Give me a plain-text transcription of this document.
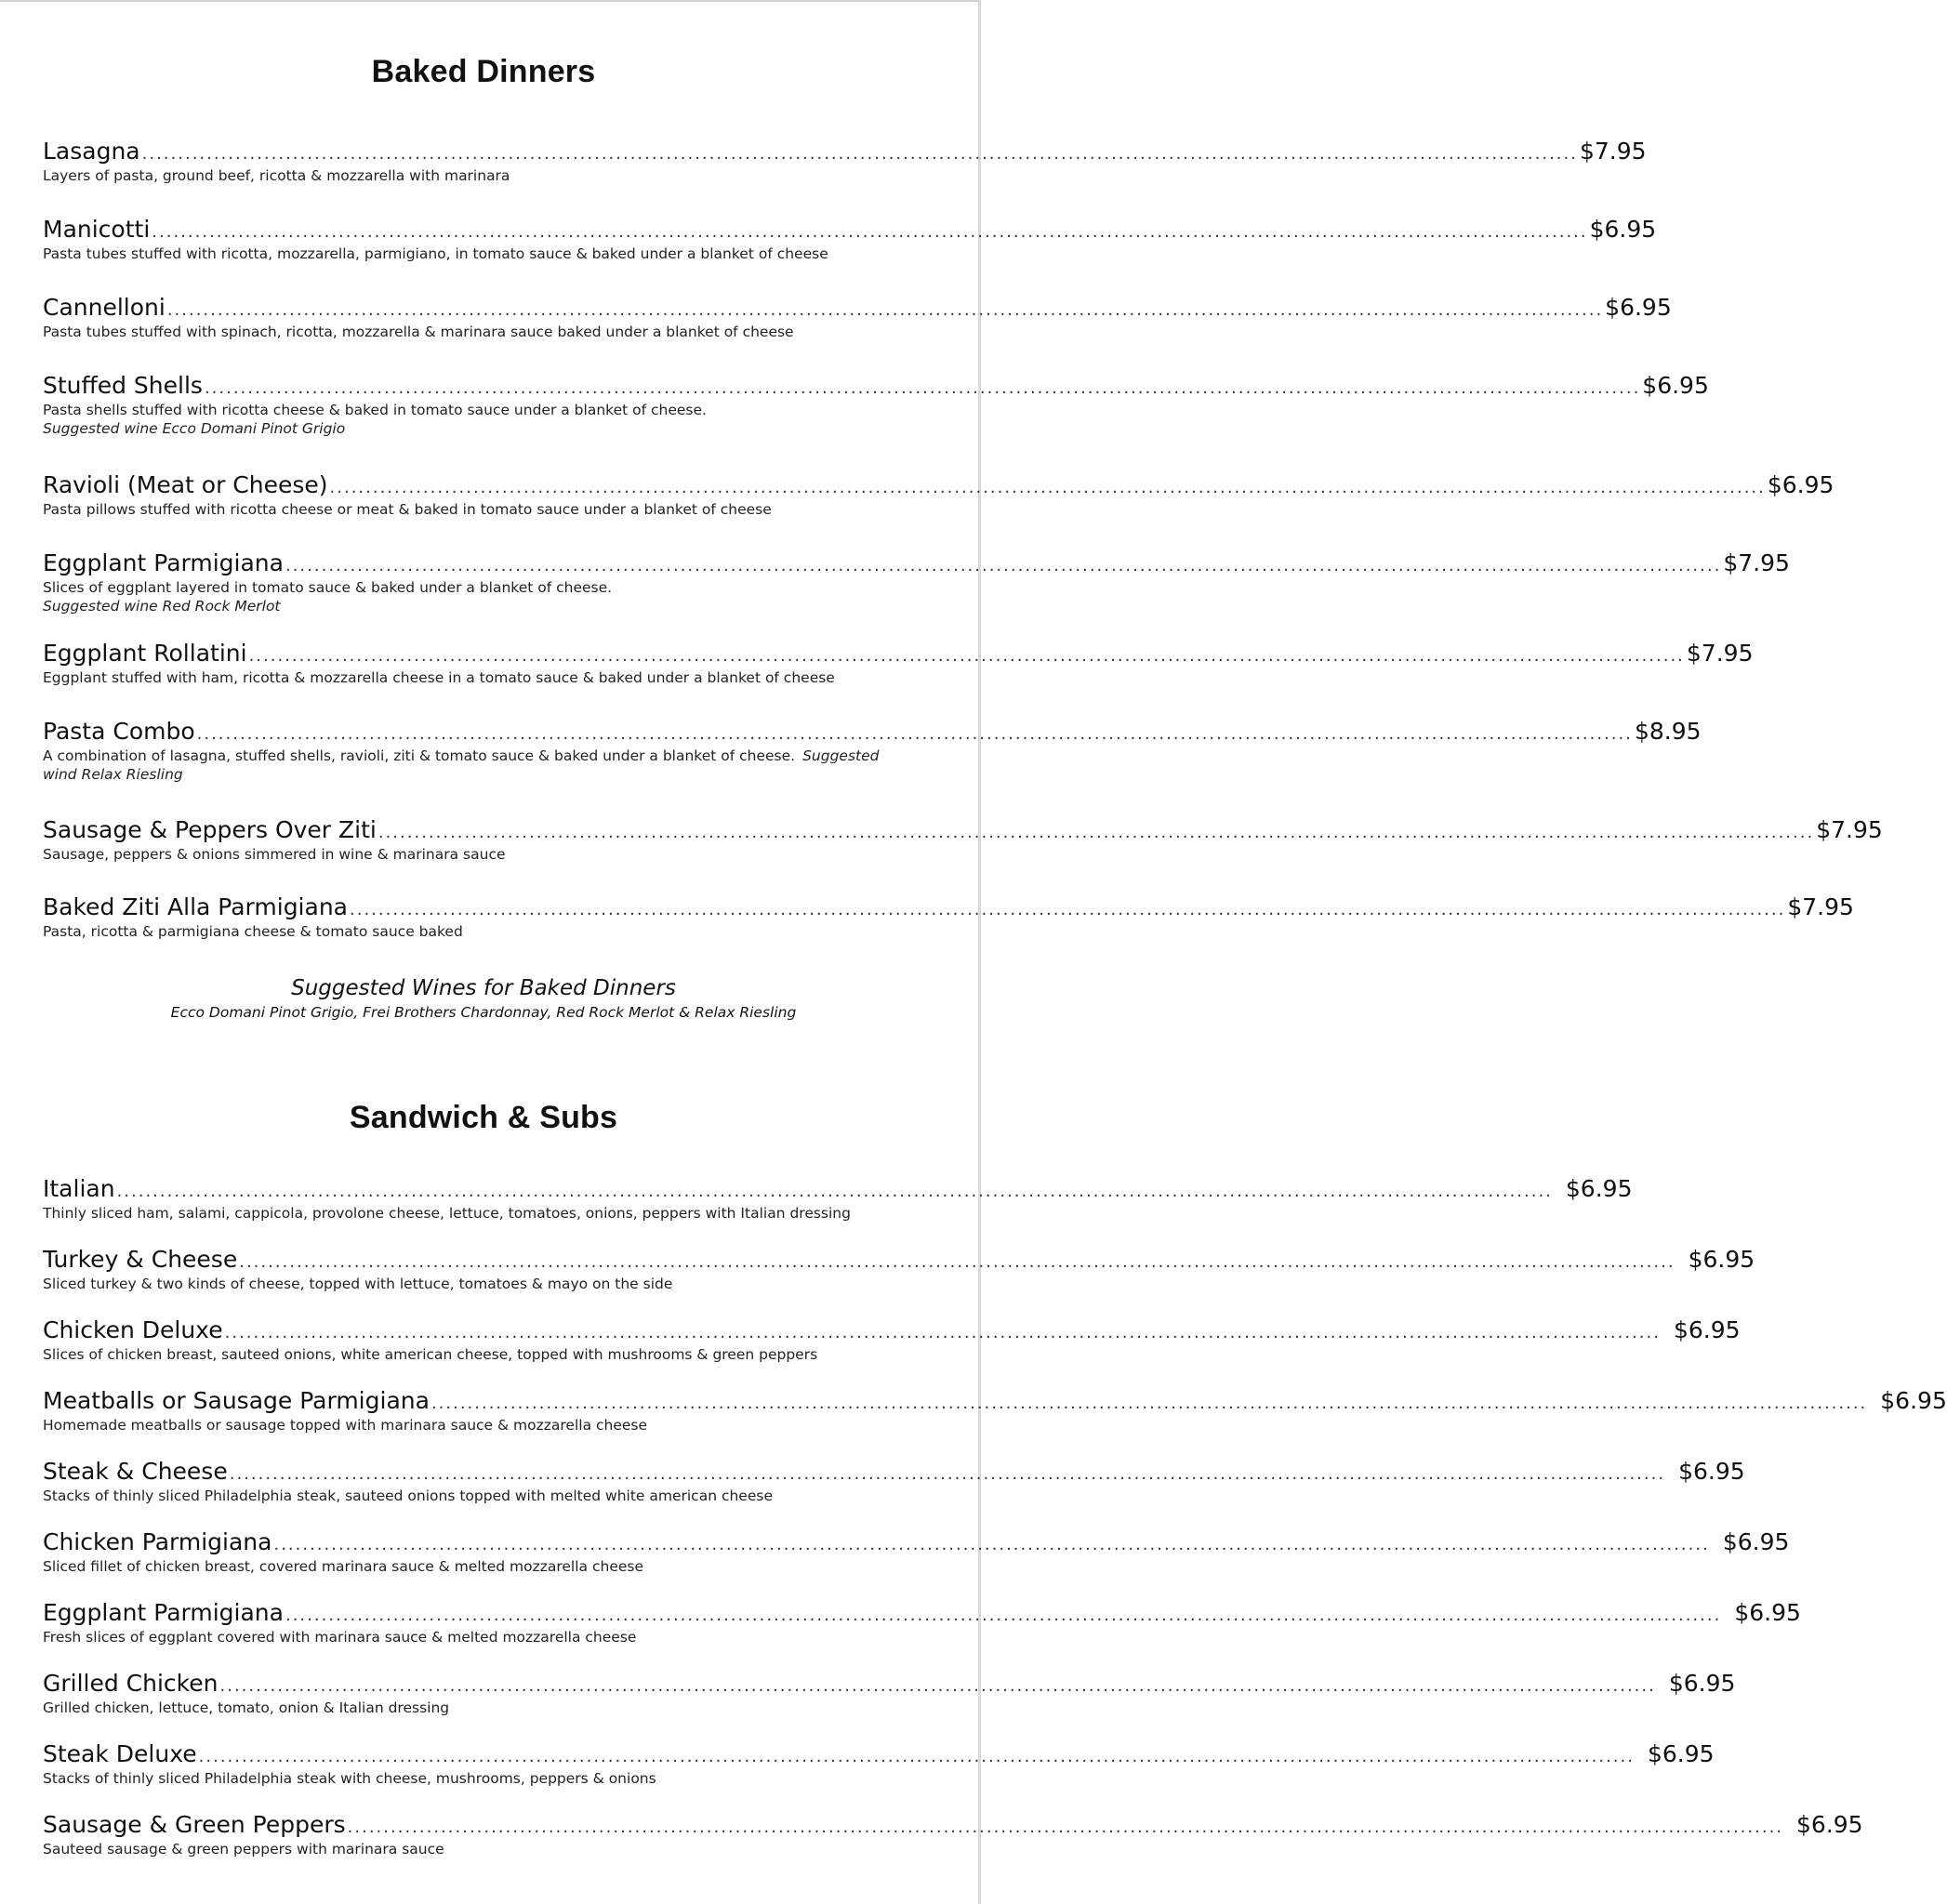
Baked Dinners
Lasagna ........................................................................................................................................................................................................ $7.95
Layers of pasta, ground beef, ricotta & mozzarella with marinara
Manicotti ........................................................................................................................................................................................................ $6.95
Pasta tubes stuffed with ricotta, mozzarella, parmigiano, in tomato sauce & baked under a blanket of cheese
Cannelloni ........................................................................................................................................................................................................ $6.95
Pasta tubes stuffed with spinach, ricotta, mozzarella & marinara sauce baked under a blanket of cheese
Stuffed Shells ........................................................................................................................................................................................................ $6.95
Pasta shells stuffed with ricotta cheese & baked in tomato sauce under a blanket of cheese.
Suggested wine Ecco Domani Pinot Grigio
Ravioli (Meat or Cheese) ........................................................................................................................................................................................................ $6.95
Pasta pillows stuffed with ricotta cheese or meat & baked in tomato sauce under a blanket of cheese
Eggplant Parmigiana ........................................................................................................................................................................................................ $7.95
Slices of eggplant layered in tomato sauce & baked under a blanket of cheese.
Suggested wine Red Rock Merlot
Eggplant Rollatini ........................................................................................................................................................................................................ $7.95
Eggplant stuffed with ham, ricotta & mozzarella cheese in a tomato sauce & baked under a blanket of cheese
Pasta Combo ........................................................................................................................................................................................................ $8.95
A combination of lasagna, stuffed shells, ravioli, ziti & tomato sauce & baked under a blanket of cheese. Suggested
wind Relax Riesling
Sausage & Peppers Over Ziti ........................................................................................................................................................................................................ $7.95
Sausage, peppers & onions simmered in wine & marinara sauce
Baked Ziti Alla Parmigiana ........................................................................................................................................................................................................ $7.95
Pasta, ricotta & parmigiana cheese & tomato sauce baked
Suggested Wines for Baked Dinners
Ecco Domani Pinot Grigio, Frei Brothers Chardonnay, Red Rock Merlot & Relax Riesling
Sandwich & Subs
Italian ........................................................................................................................................................................................................ $6.95
Thinly sliced ham, salami, cappicola, provolone cheese, lettuce, tomatoes, onions, peppers with Italian dressing
Turkey & Cheese ........................................................................................................................................................................................................ $6.95
Sliced turkey & two kinds of cheese, topped with lettuce, tomatoes & mayo on the side
Chicken Deluxe ........................................................................................................................................................................................................ $6.95
Slices of chicken breast, sauteed onions, white american cheese, topped with mushrooms & green peppers
Meatballs or Sausage Parmigiana ........................................................................................................................................................................................................ $6.95
Homemade meatballs or sausage topped with marinara sauce & mozzarella cheese
Steak & Cheese ........................................................................................................................................................................................................ $6.95
Stacks of thinly sliced Philadelphia steak, sauteed onions topped with melted white american cheese
Chicken Parmigiana ........................................................................................................................................................................................................ $6.95
Sliced fillet of chicken breast, covered marinara sauce & melted mozzarella cheese
Eggplant Parmigiana ........................................................................................................................................................................................................ $6.95
Fresh slices of eggplant covered with marinara sauce & melted mozzarella cheese
Grilled Chicken ........................................................................................................................................................................................................ $6.95
Grilled chicken, lettuce, tomato, onion & Italian dressing
Steak Deluxe ........................................................................................................................................................................................................ $6.95
Stacks of thinly sliced Philadelphia steak with cheese, mushrooms, peppers & onions
Sausage & Green Peppers ........................................................................................................................................................................................................ $6.95
Sauteed sausage & green peppers with marinara sauce
